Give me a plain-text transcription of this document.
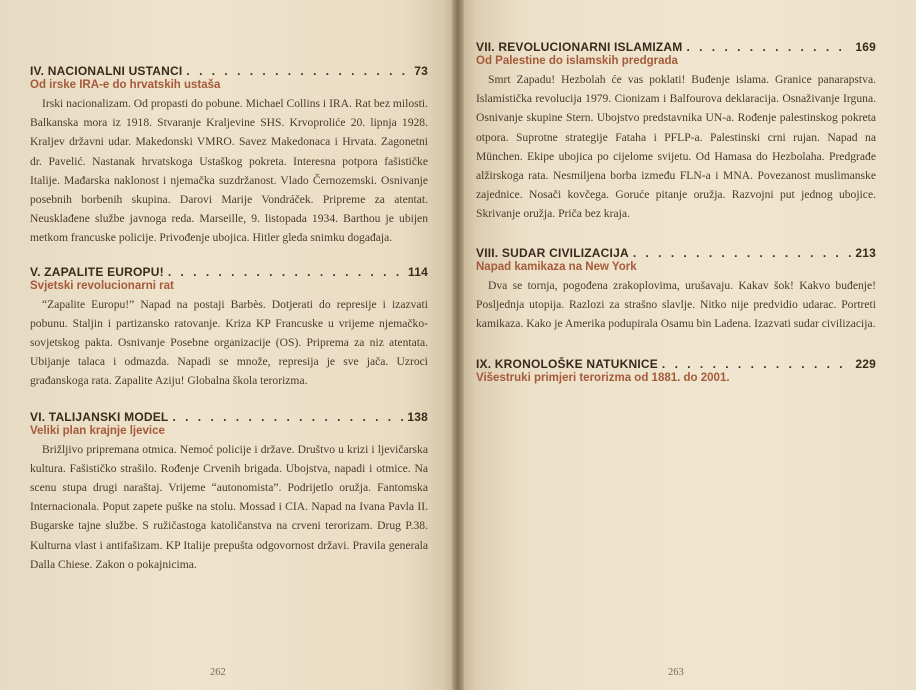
IV. NACIONALNI USTANCI . . .	73
Od irske IRA-e do hrvatskih ustaša

Irski nacionalizam. Od propasti do pobune. Michael Collins i IRA. Rat bez milosti. Balkanska mora iz 1918. Stvaranje Kraljevine SHS. Krvoproliće 20. lipnja 1928. Kraljev državni udar. Makedonski VMRO. Savez Makedonaca i Hrvata. Zagonetni dr. Pavelić. Nastanak hrvatskoga Ustaškog pokreta. Interesna potpora fašističke Italije. Mađarska naklonost i njemačka suzdržanost. Vlado Černozemski. Osnivanje posebnih borbenih skupina. Darovi Marije Vondráček. Pripreme za atentat. Neusklađene službe javnoga reda. Marseille, 9. listopada 1934. Barthou je ubijen metkom francuske policije. Privođenje ubojica. Hitler gleda snimku događaja.

V. ZAPALITE EUROPU! . . .	114
Svjetski revolucionarni rat

“Zapalite Europu!” Napad na postaji Barbès. Dotjerati do represije i izazvati pobunu. Staljin i partizansko ratovanje. Kriza KP Francuske u vrijeme njemačko-sovjetskog pakta. Osnivanje Posebne organizacije (OS). Priprema za niz atentata. Ubijanje talaca i odmazda. Napadi se množe, represija je sve jača. Uzroci građanskoga rata. Zapalite Aziju! Globalna škola terorizma.

VI. TALIJANSKI MODEL . . .	138
Veliki plan krajnje ljevice

Brižljivo pripremana otmica. Nemoć policije i države. Društvo u krizi i ljevičarska kultura. Fašističko strašilo. Rođenje Crvenih brigada. Ubojstva, napadi i otmice. Na scenu stupa drugi naraštaj. Vrijeme “autonomista”. Podrijetlo oružja. Fantomska Internacionala. Poput zapete puške na stolu. Mossad i CIA. Napad na Ivana Pavla II. Bugarske tajne službe. S ružičastoga katoličanstva na crveni terorizam. Drug P.38. Kulturna vlast i antifašizam. KP Italije prepušta odgovornost državi. Pravila generala Dalla Chiese. Zakon o pokajnicima.

262
VII. REVOLUCIONARNI ISLAMIZAM . . .	169
Od Palestine do islamskih predgrada

Smrt Zapadu! Hezbolah će vas poklati! Buđenje islama. Granice panarapstva. Islamistička revolucija 1979. Cionizam i Balfourova deklaracija. Osnaživanje Irguna. Osnivanje skupine Stern. Ubojstvo predstavnika UN-a. Rođenje palestinskog pokreta otpora. Suprotne strategije Fataha i PFLP-a. Palestinski crni rujan. Napad na München. Ekipe ubojica po cijelome svijetu. Od Hamasa do Hezbolaha. Predgrađe alžirskoga rata. Nesmiljena borba između FLN-a i MNA. Povezanost muslimanske zajednice. Nosači kovčega. Goruće pitanje oružja. Razvojni put jednog ubojice. Skrivanje oružja. Priča bez kraja.

VIII. SUDAR CIVILIZACIJA . . .	213
Napad kamikaza na New York

Dva se tornja, pogođena zrakoplovima, urušavaju. Kakav šok! Kakvo buđenje! Posljednja utopija. Razlozi za strašno slavlje. Nitko nije predvidio udarac. Portreti kamikaza. Kako je Amerika podupirala Osamu bin Ladena. Izazvati sudar civilizacija.

IX. KRONOLOŠKE NATUKNICE . . .	229
Višestruki primjeri terorizma od 1881. do 2001.
263
